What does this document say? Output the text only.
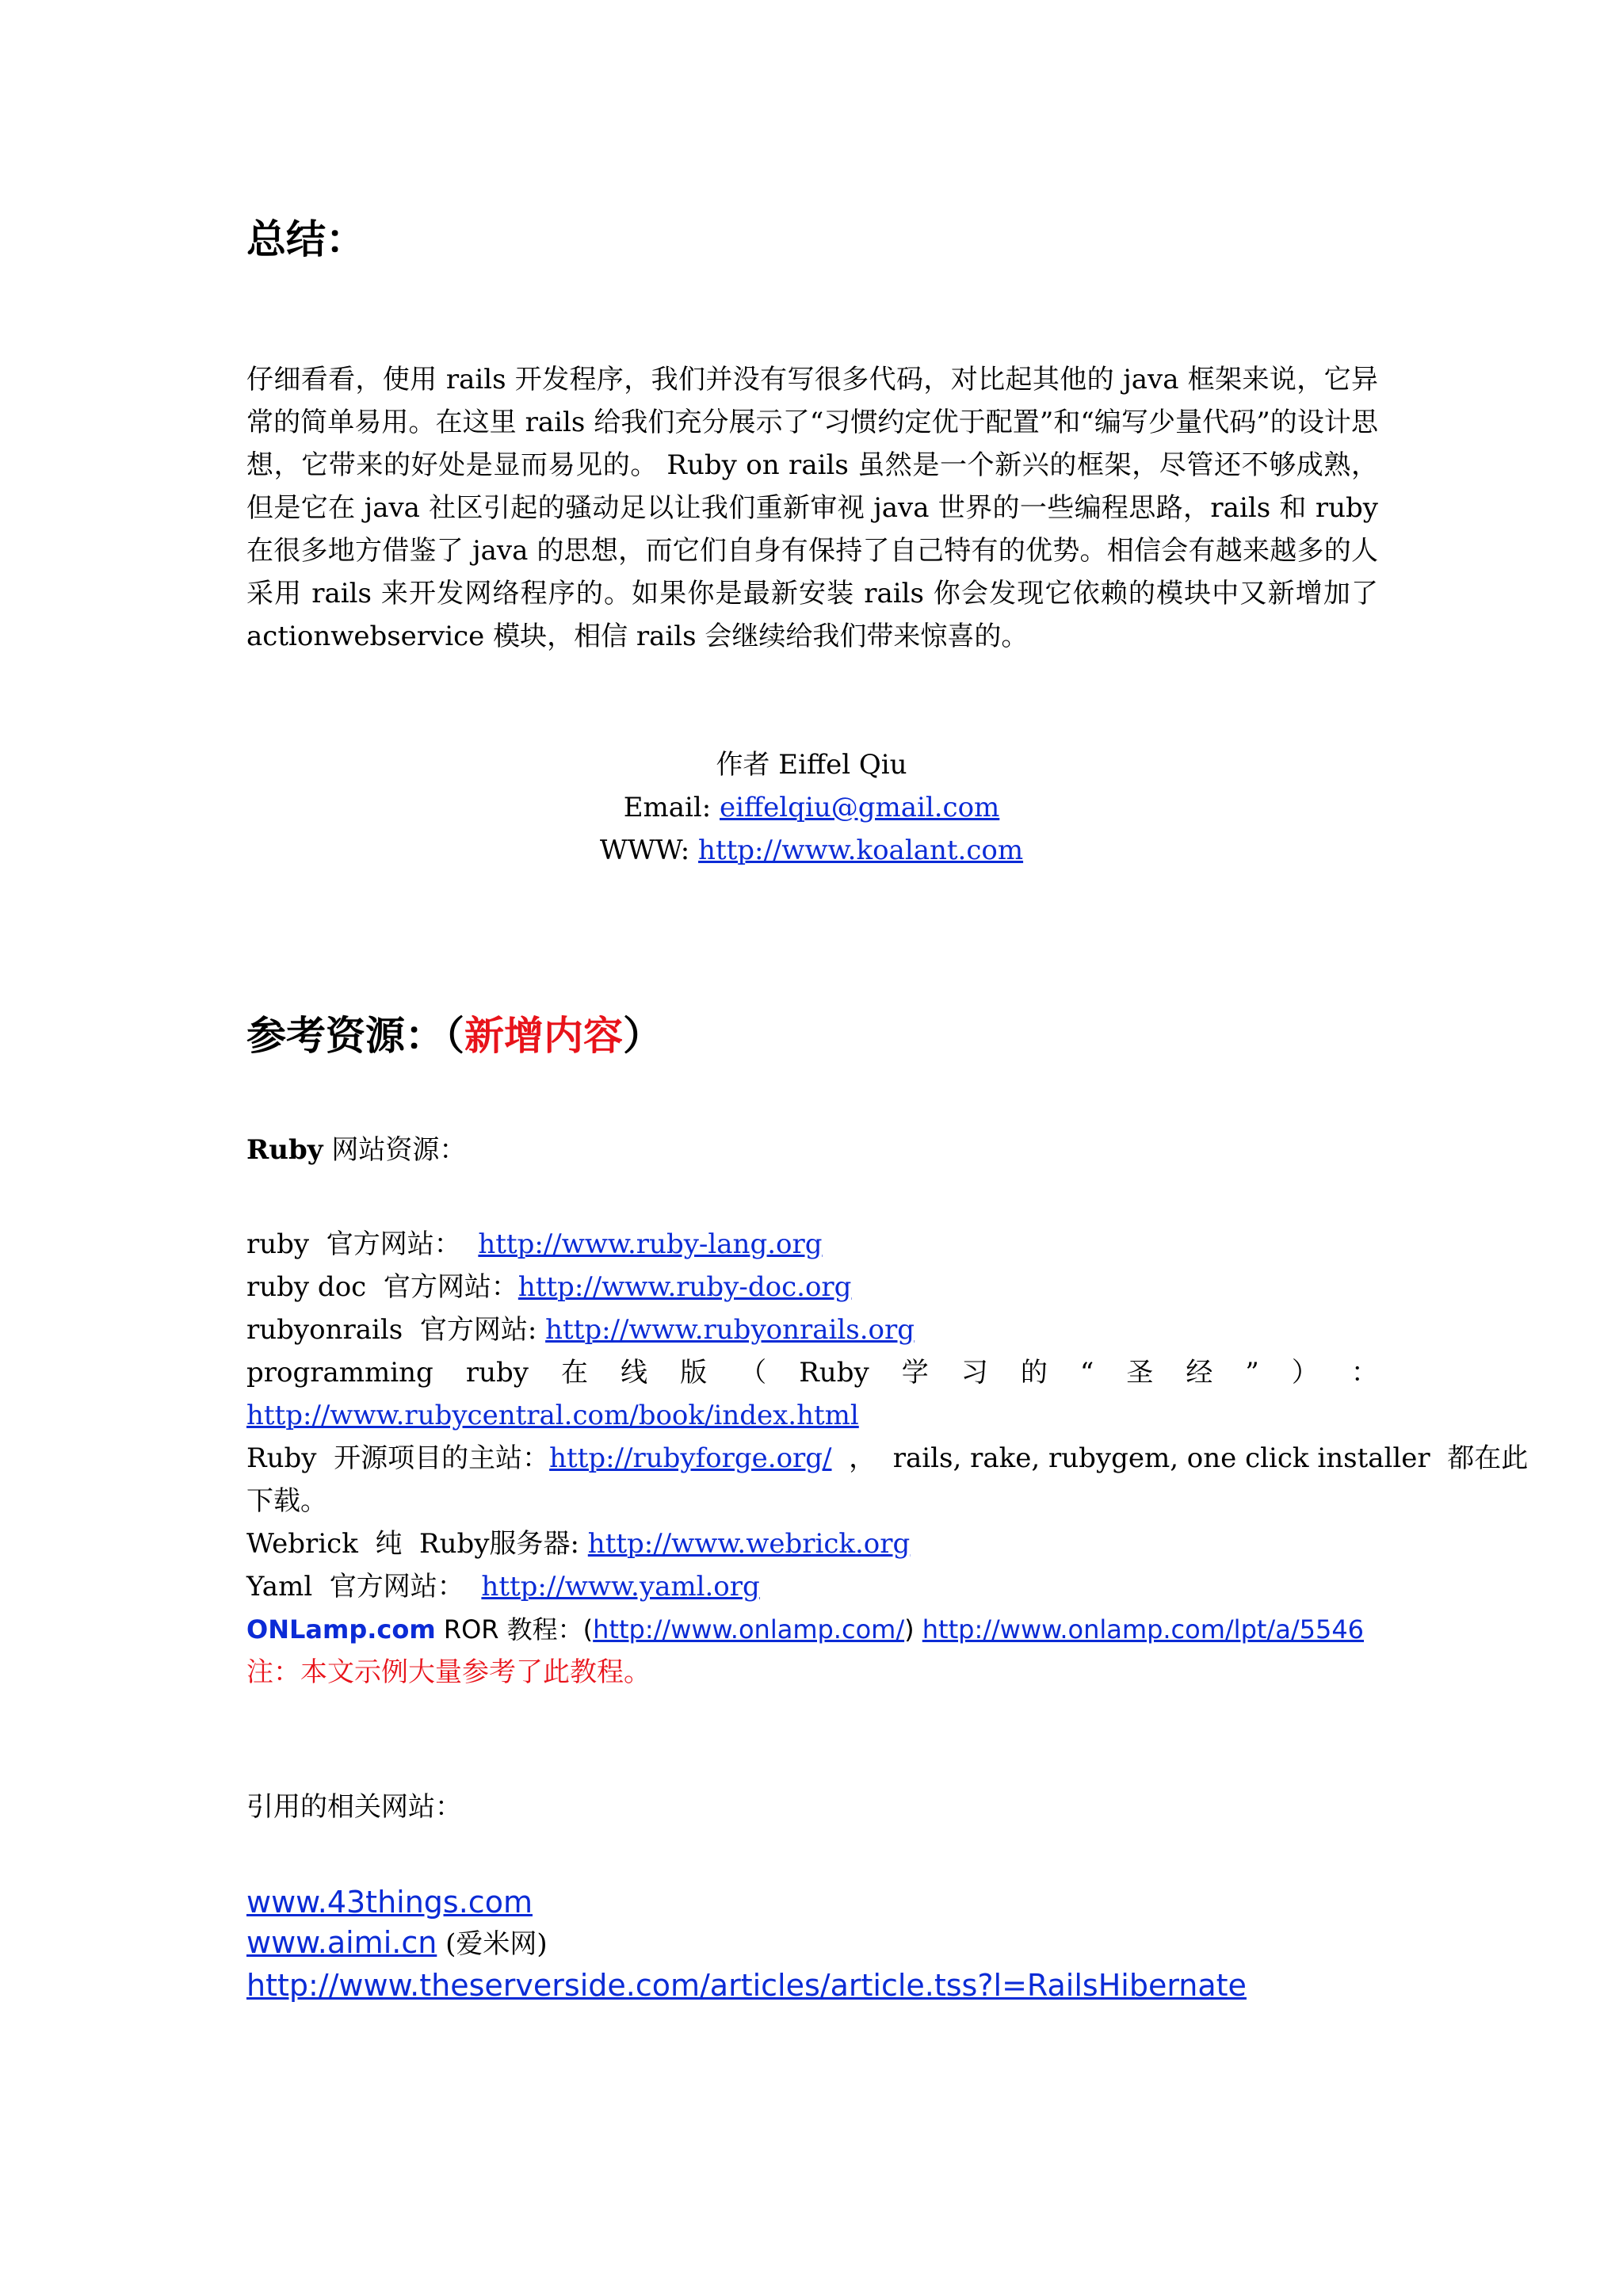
总结：

仔细看看，使用 rails 开发程序，我们并没有写很多代码，对比起其他的 java 框架来说，它异常的简单易用。在这里 rails 给我们充分展示了“习惯约定优于配置”和“编写少量代码”的设计思想，它带来的好处是显而易见的。 Ruby on rails 虽然是一个新兴的框架，尽管还不够成熟，但是它在 java 社区引起的骚动足以让我们重新审视 java 世界的一些编程思路，rails 和 ruby 在很多地方借鉴了 java 的思想，而它们自身有保持了自己特有的优势。相信会有越来越多的人采用 rails 来开发网络程序的。如果你是最新安装 rails 你会发现它依赖的模块中又新增加了 actionwebservice 模块，相信 rails 会继续给我们带来惊喜的。

作者 Eiffel Qiu
Email: eiffelqiu@gmail.com
WWW: http://www.koalant.com
参考资源：（新增内容）
Ruby 网站资源：
ruby  官方网站：  http://www.ruby-lang.org
ruby doc  官方网站：http://www.ruby-doc.org
rubyonrails  官方网站: http://www.rubyonrails.org
programming ruby 在 线 版 （ Ruby 学 习 的 “ 圣 经 ” ） ：
http://www.rubycentral.com/book/index.html
Ruby  开源项目的主站：http://rubyforge.org/ ，  rails, rake, rubygem, one click installer  都在此
下载。
Webrick  纯  Ruby服务器: http://www.webrick.org
Yaml  官方网站：  http://www.yaml.org
ONLamp.com ROR 教程：(http://www.onlamp.com/) http://www.onlamp.com/lpt/a/5546
注：本文示例大量参考了此教程。
引用的相关网站：
www.43things.com
www.aimi.cn (爱米网)
http://www.theserverside.com/articles/article.tss?l=RailsHibernate
